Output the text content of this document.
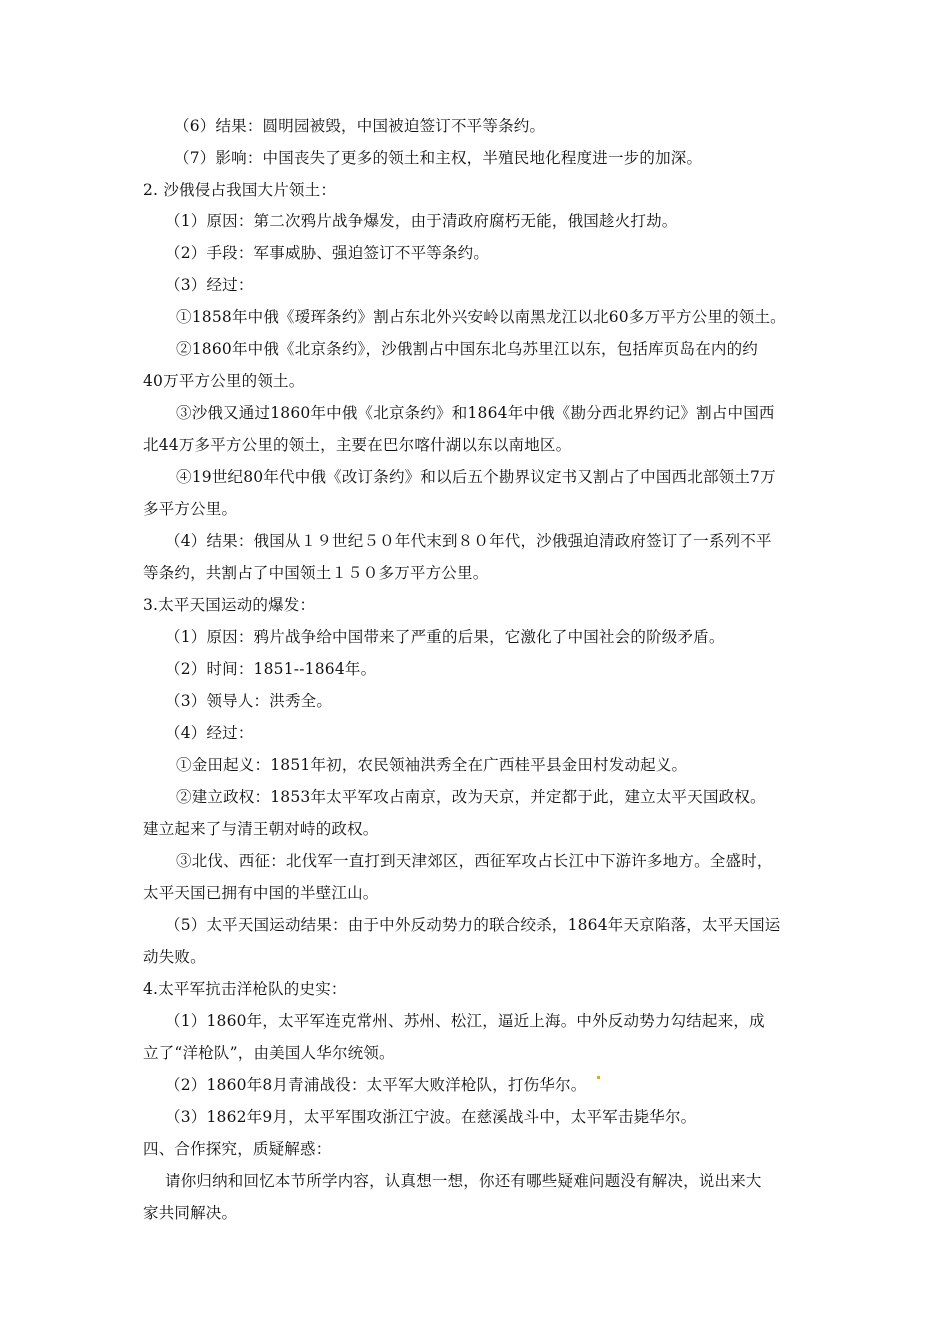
（6）结果：圆明园被毁，中国被迫签订不平等条约。
（7）影响：中国丧失了更多的领土和主权，半殖民地化程度进一步的加深。
2. 沙俄侵占我国大片领土：
（1）原因：第二次鸦片战争爆发，由于清政府腐朽无能，俄国趁火打劫。
（2）手段：军事威胁、强迫签订不平等条约。
（3）经过：
①1858年中俄《瑷珲条约》割占东北外兴安岭以南黑龙江以北60多万平方公里的领土。
②1860年中俄《北京条约》，沙俄割占中国东北乌苏里江以东，包括库页岛在内的约
40万平方公里的领土。
③沙俄又通过1860年中俄《北京条约》和1864年中俄《勘分西北界约记》割占中国西
北44万多平方公里的领土，主要在巴尔喀什湖以东以南地区。
④19世纪80年代中俄《改订条约》和以后五个勘界议定书又割占了中国西北部领土7万
多平方公里。
（4）结果：俄国从１９世纪５０年代末到８０年代，沙俄强迫清政府签订了一系列不平
等条约，共割占了中国领土１５０多万平方公里。
3.太平天国运动的爆发：
（1）原因：鸦片战争给中国带来了严重的后果，它激化了中国社会的阶级矛盾。
（2）时间：1851--1864年。
（3）领导人：洪秀全。
（4）经过：
①金田起义：1851年初，农民领袖洪秀全在广西桂平县金田村发动起义。
②建立政权：1853年太平军攻占南京，改为天京，并定都于此，建立太平天国政权。
建立起来了与清王朝对峙的政权。
③北伐、西征：北伐军一直打到天津郊区，西征军攻占长江中下游许多地方。全盛时，
太平天国已拥有中国的半壁江山。
（5）太平天国运动结果：由于中外反动势力的联合绞杀，1864年天京陷落，太平天国运
动失败。
4.太平军抗击洋枪队的史实：
（1）1860年，太平军连克常州、苏州、松江，逼近上海。中外反动势力勾结起来，成
立了“洋枪队”，由美国人华尔统领。
（2）1860年8月青浦战役：太平军大败洋枪队，打伤华尔。
（3）1862年9月，太平军围攻浙江宁波。在慈溪战斗中，太平军击毙华尔。
四、合作探究，质疑解惑：
请你归纳和回忆本节所学内容，认真想一想，你还有哪些疑难问题没有解决，说出来大
家共同解决。
